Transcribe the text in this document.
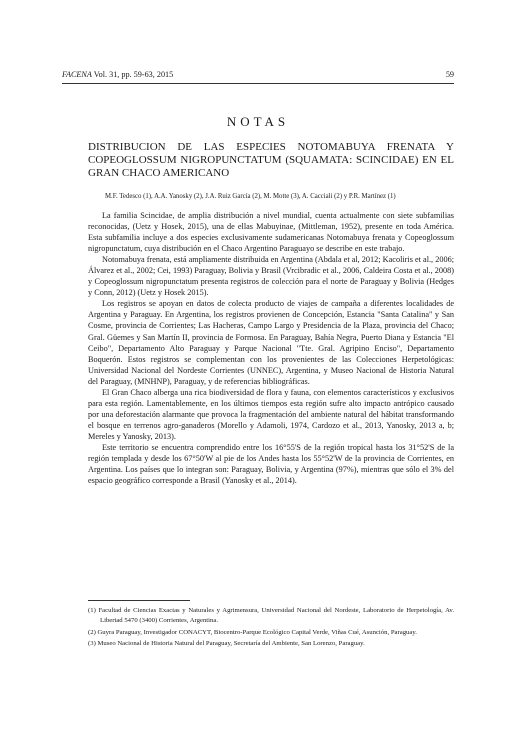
FACENA Vol. 31, pp. 59-63, 2015	59
NOTAS
DISTRIBUCION DE LAS ESPECIES NOTOMABUYA FRENATA Y COPEOGLOSSUM NIGROPUNCTATUM (SQUAMATA: SCINCIDAE) EN EL GRAN CHACO AMERICANO
M.F. Tedesco (1), A.A. Yanosky (2), J.A. Ruiz García (2), M. Motte (3), A. Cacciali (2) y P.R. Martínez (1)

La familia Scincidae, de amplia distribución a nivel mundial, cuenta actualmente con siete subfamilias reconocidas, (Uetz y Hosek, 2015), una de ellas Mabuyinae, (Mittleman, 1952), presente en toda América. Esta subfamilia incluye a dos especies exclusivamente sudamericanas Notomabuya frenata y Copeoglossum nigropunctatum, cuya distribución en el Chaco Argentino Paraguayo se describe en este trabajo.

Notomabuya frenata, está ampliamente distribuida en Argentina (Abdala et al, 2012; Kacoliris et al., 2006; Álvarez et al., 2002; Cei, 1993) Paraguay, Bolivia y Brasil (Vrcibradic et al., 2006, Caldeira Costa et al., 2008) y Copeoglossum nigropunctatum presenta registros de colección para el norte de Paraguay y Bolivia (Hedges y Conn, 2012) (Uetz y Hosek 2015).

Los registros se apoyan en datos de colecta producto de viajes de campaña a diferentes localidades de Argentina y Paraguay. En Argentina, los registros provienen de Concepción, Estancia "Santa Catalina" y San Cosme, provincia de Corrientes; Las Hacheras, Campo Largo y Presidencia de la Plaza, provincia del Chaco; Gral. Güemes y San Martín II, provincia de Formosa. En Paraguay, Bahía Negra, Puerto Diana y Estancia "El Ceibo", Departamento Alto Paraguay y Parque Nacional "Tte. Gral. Agripino Enciso", Departamento Boquerón. Estos registros se complementan con los provenientes de las Colecciones Herpetológicas: Universidad Nacional del Nordeste Corrientes (UNNEC), Argentina, y Museo Nacional de Historia Natural del Paraguay, (MNHNP), Paraguay, y de referencias bibliográficas.

El Gran Chaco alberga una rica biodiversidad de flora y fauna, con elementos característicos y exclusivos para esta región. Lamentablemente, en los últimos tiempos esta región sufre alto impacto antrópico causado por una deforestación alarmante que provoca la fragmentación del ambiente natural del hábitat transformando el bosque en terrenos agro-ganaderos (Morello y Adamoli, 1974, Cardozo et al., 2013, Yanosky, 2013 a, b; Mereles y Yanosky, 2013).

Este territorio se encuentra comprendido entre los 16°55'S de la región tropical hasta los 31°52'S de la región templada y desde los 67°50'W al pie de los Andes hasta los 55°52'W de la provincia de Corrientes, en Argentina. Los países que lo integran son: Paraguay, Bolivia, y Argentina (97%), mientras que sólo el 3% del espacio geográfico corresponde a Brasil (Yanosky et al., 2014).

(1) Facultad de Ciencias Exactas y Naturales y Agrimensura, Universidad Nacional del Nordeste, Laboratorio de Herpetología, Av. Libertad 5470 (3400) Corrientes, Argentina.
(2) Guyra Paraguay, Investigador CONACYT, Biocentro-Parque Ecológico Capital Verde, Viñas Cué, Asunción, Paraguay.
(3) Museo Nacional de Historia Natural del Paraguay, Secretaría del Ambiente, San Lorenzo, Paraguay.
